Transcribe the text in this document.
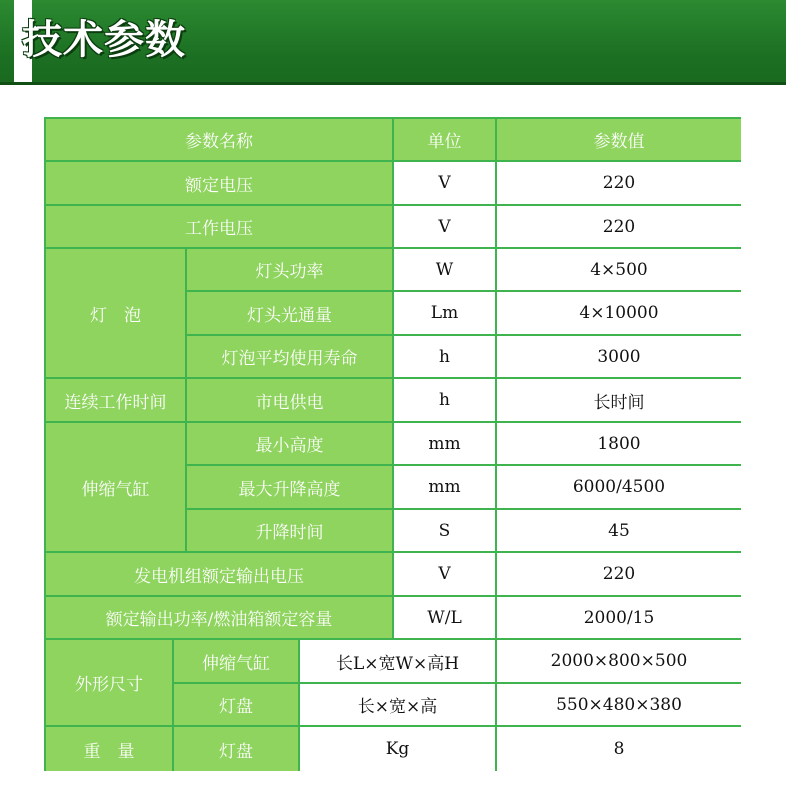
技术参数
参数名称	单位	参数值
额定电压	V	220
工作电压	V	220
灯　泡
灯头功率	W	4×500
灯头光通量	Lm	4×10000
灯泡平均使用寿命	h	3000
连续工作时间	市电供电	h	长时间
伸缩气缸
最小高度	mm	1800
最大升降高度	mm	6000/4500
升降时间	S	45
发电机组额定输出电压	V	220
额定输出功率/燃油箱额定容量	W/L	2000/15
外形尺寸
伸缩气缸	长L×宽W×高H	2000×800×500
灯盘	长×宽×高	550×480×380
重　量	灯盘	Kg	8
